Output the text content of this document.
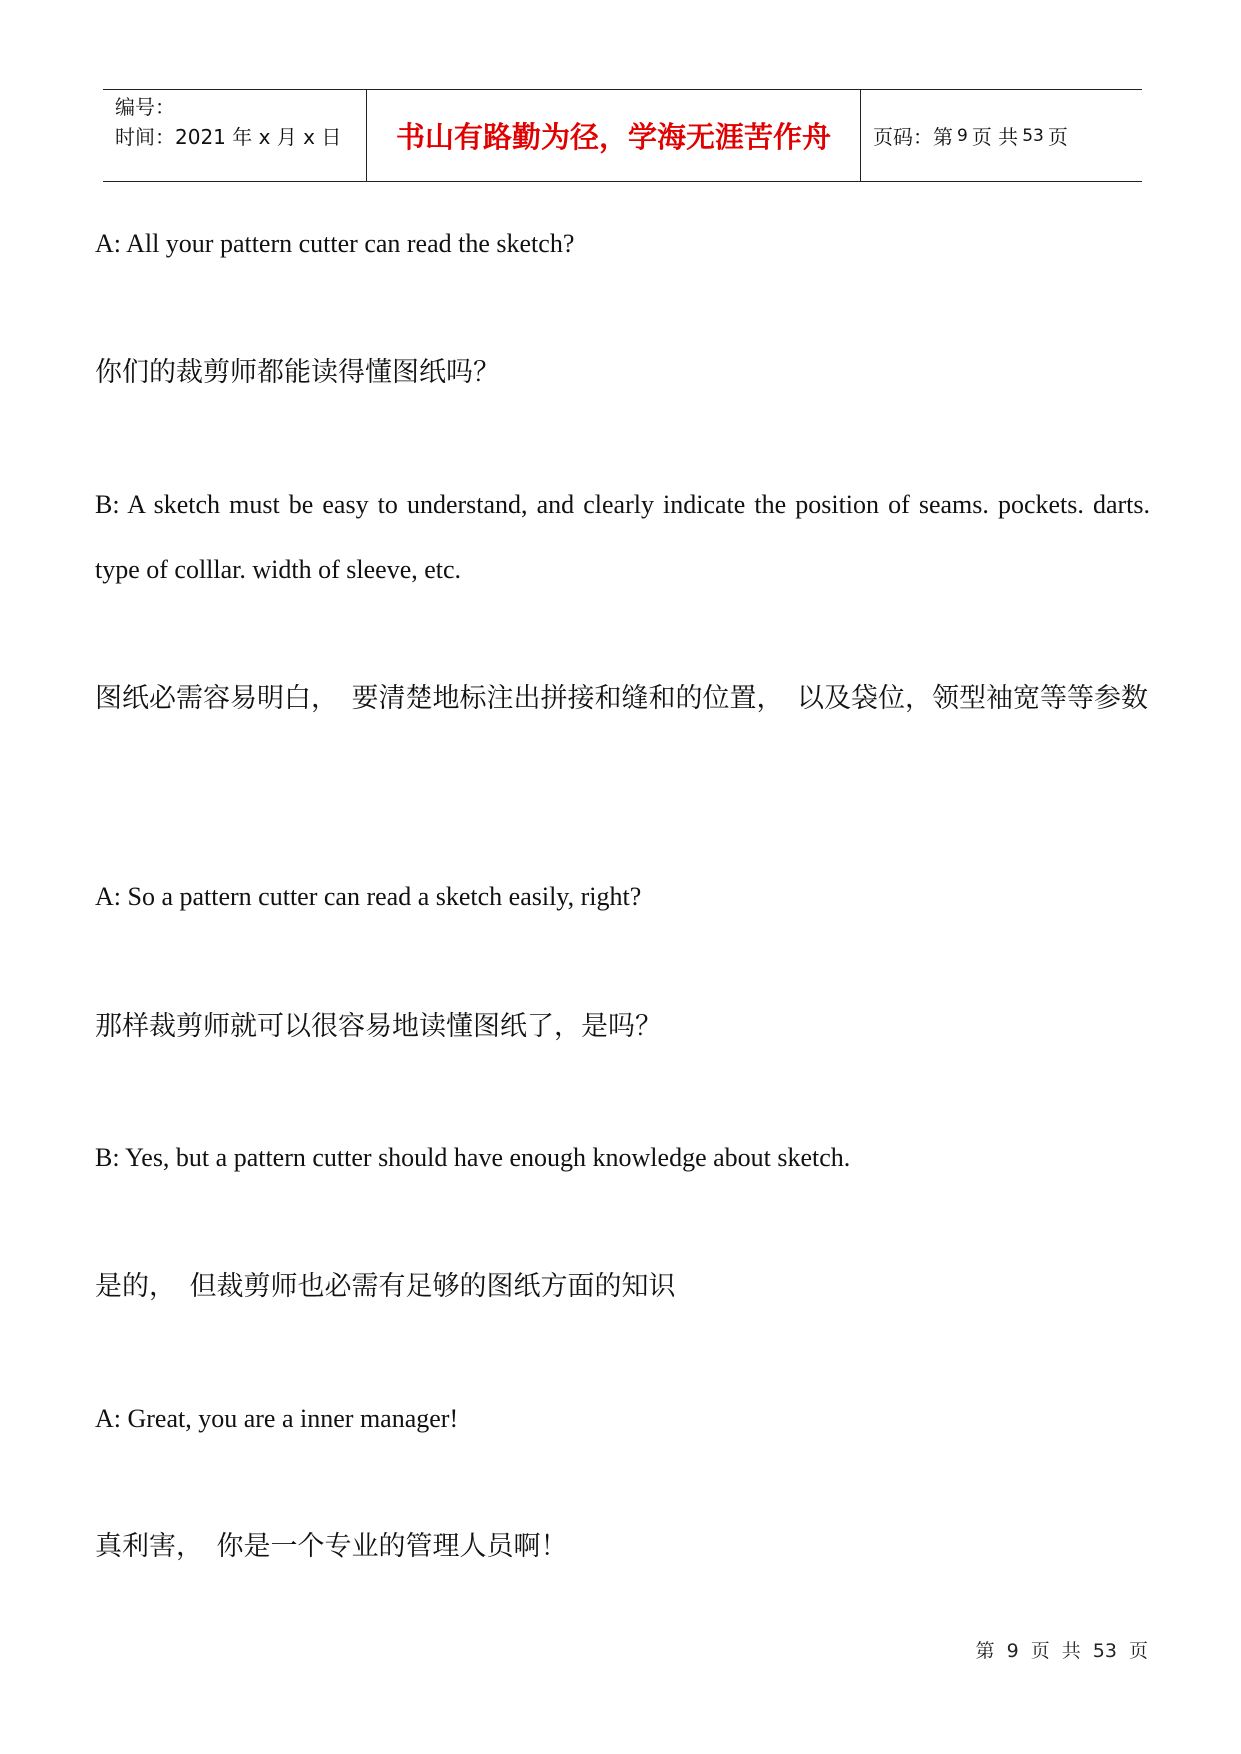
编号：
时间：2021 年 x 月 x 日	书山有路勤为径，学海无涯苦作舟	页码：第 9 页 共 53 页

A: All your pattern cutter can read the sketch?

你们的裁剪师都能读得懂图纸吗？

B: A sketch must be easy to understand, and clearly indicate the position of seams. pockets. darts. type of colllar. width of sleeve, etc.

图纸必需容易明白，　要清楚地标注出拼接和缝和的位置，　以及袋位，领型袖宽等等参数

A: So a pattern cutter can read a sketch easily, right?

那样裁剪师就可以很容易地读懂图纸了，是吗？

B: Yes, but a pattern cutter should have enough knowledge about sketch.

是的，　但裁剪师也必需有足够的图纸方面的知识

A: Great, you are a inner manager!

真利害，　你是一个专业的管理人员啊！

第 9 页 共 53 页
